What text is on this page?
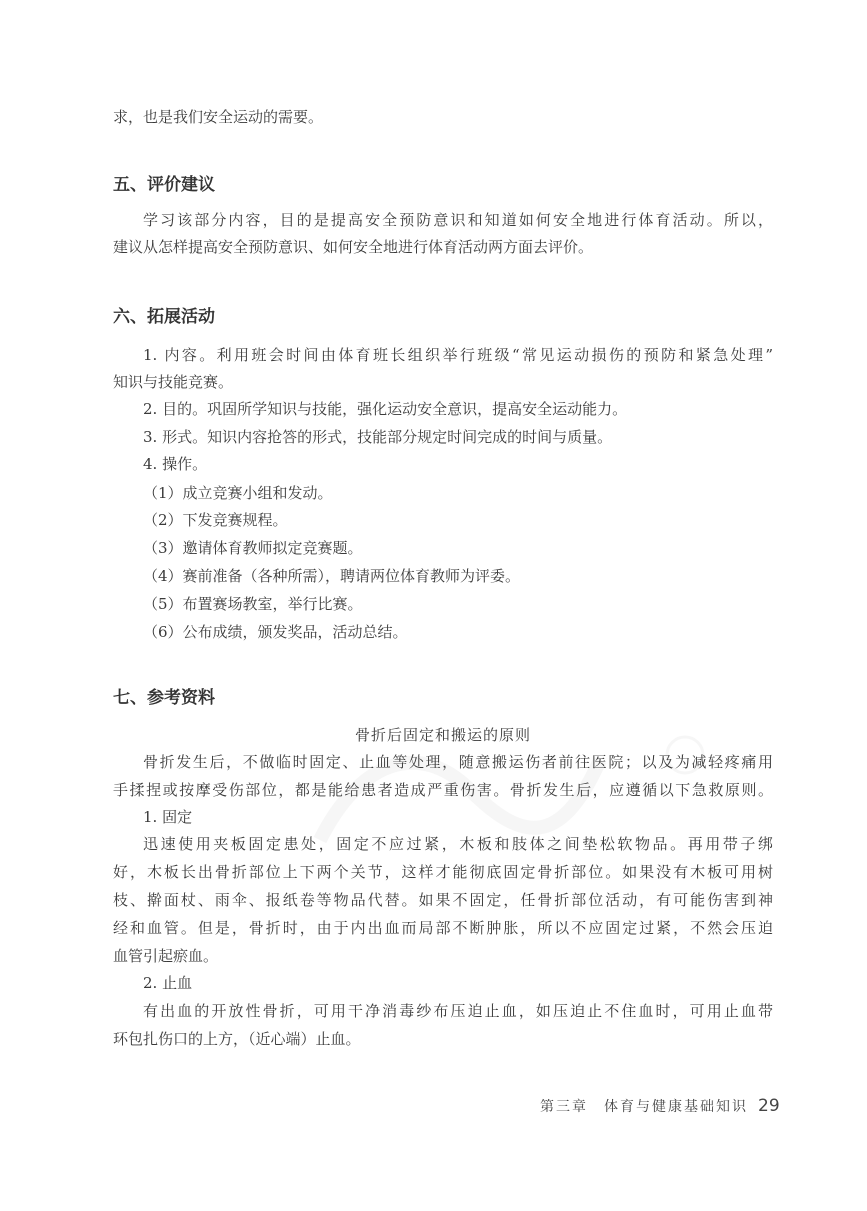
求，也是我们安全运动的需要。

五、评价建议

学习该部分内容，目的是提高安全预防意识和知道如何安全地进行体育活动。所以，

建议从怎样提高安全预防意识、如何安全地进行体育活动两方面去评价。

六、拓展活动

1. 内容。利用班会时间由体育班长组织举行班级“常见运动损伤的预防和紧急处理”

知识与技能竞赛。

2. 目的。巩固所学知识与技能，强化运动安全意识，提高安全运动能力。

3. 形式。知识内容抢答的形式，技能部分规定时间完成的时间与质量。

4. 操作。

（1）成立竞赛小组和发动。

（2）下发竞赛规程。

（3）邀请体育教师拟定竞赛题。

（4）赛前准备（各种所需），聘请两位体育教师为评委。

（5）布置赛场教室，举行比赛。

（6）公布成绩，颁发奖品，活动总结。

七、参考资料

骨折后固定和搬运的原则

骨折发生后，不做临时固定、止血等处理，随意搬运伤者前往医院；以及为减轻疼痛用

手揉捏或按摩受伤部位，都是能给患者造成严重伤害。骨折发生后，应遵循以下急救原则。

1. 固定

迅速使用夹板固定患处，固定不应过紧，木板和肢体之间垫松软物品。再用带子绑

好，木板长出骨折部位上下两个关节，这样才能彻底固定骨折部位。如果没有木板可用树

枝、擀面杖、雨伞、报纸卷等物品代替。如果不固定，任骨折部位活动，有可能伤害到神

经和血管。但是，骨折时，由于内出血而局部不断肿胀，所以不应固定过紧，不然会压迫

血管引起瘀血。

2. 止血

有出血的开放性骨折，可用干净消毒纱布压迫止血，如压迫止不住血时，可用止血带

环包扎伤口的上方，（近心端）止血。

第三章　体育与健康基础知识 29
